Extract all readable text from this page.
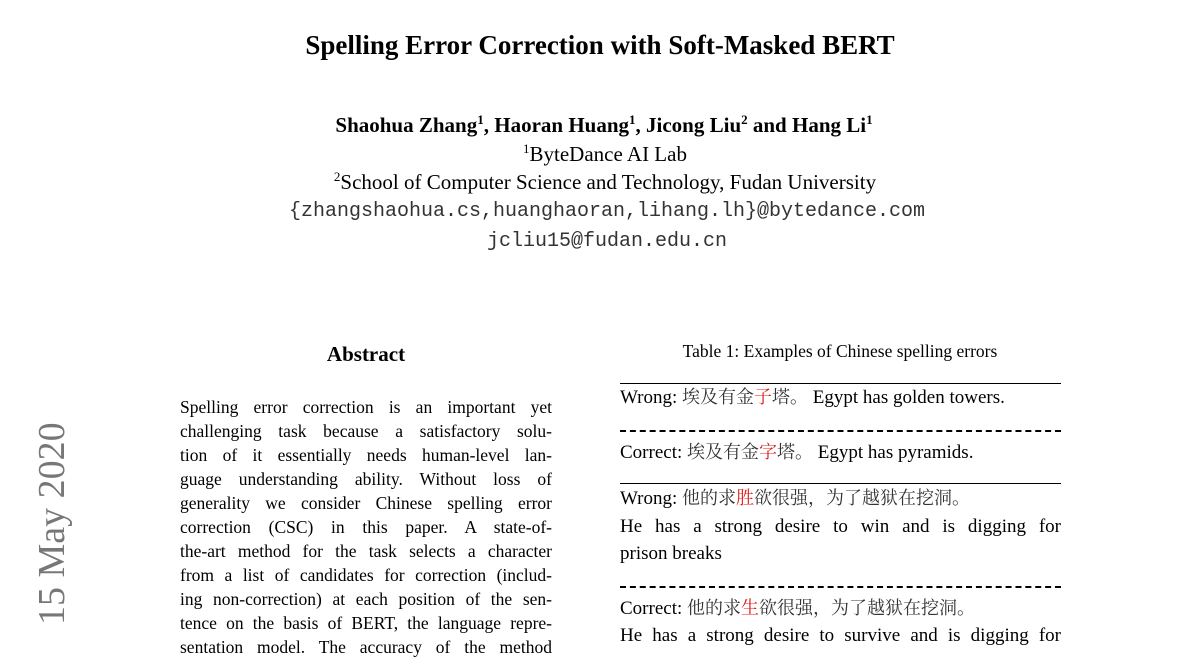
Spelling Error Correction with Soft-Masked BERT
Shaohua Zhang$^1$, Haoran Huang$^1$, Jicong Liu$^2$ and Hang Li$^1$
$^1$ByteDance AI Lab
$^2$School of Computer Science and Technology, Fudan University
{zhangshaohua.cs,huanghaoran,lihang.lh}@bytedance.com
jcliu15@fudan.edu.cn
15 May 2020
Abstract
Spelling error correction is an important yet
challenging task because a satisfactory solu-
tion of it essentially needs human-level lan-
guage understanding ability. Without loss of
generality we consider Chinese spelling error
correction (CSC) in this paper. A state-of-
the-art method for the task selects a character
from a list of candidates for correction (includ-
ing non-correction) at each position of the sen-
tence on the basis of BERT, the language repre-
sentation model. The accuracy of the method
Table 1: Examples of Chinese spelling errors
Wrong: 埃及有金子塔。 Egypt has golden towers.
Correct: 埃及有金字塔。 Egypt has pyramids.
Wrong: 他的求胜欲很强，为了越狱在挖洞。
He has a strong desire to win and is digging for
prison breaks
Correct: 他的求生欲很强，为了越狱在挖洞。
He has a strong desire to survive and is digging for
